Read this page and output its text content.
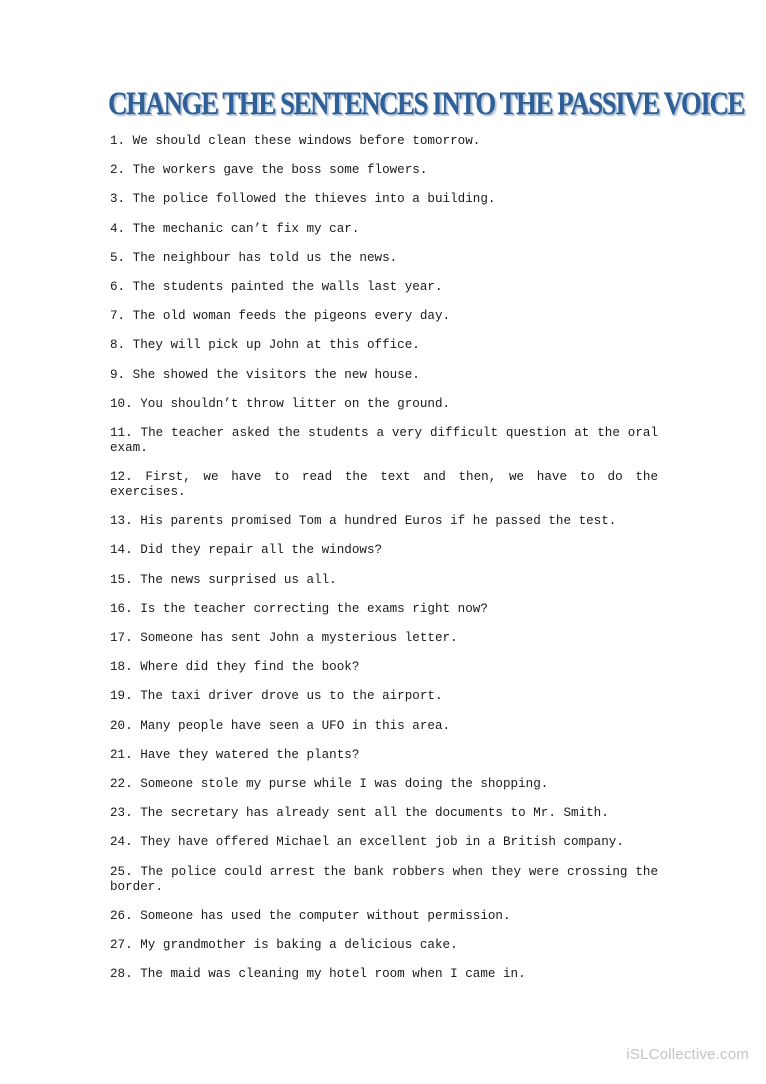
CHANGE THE SENTENCES INTO THE PASSIVE VOICE
1. We should clean these windows before tomorrow.
2. The workers gave the boss some flowers.
3. The police followed the thieves into a building.
4. The mechanic can’t fix my car.
5. The neighbour has told us the news.
6. The students painted the walls last year.
7. The old woman feeds the pigeons every day.
8. They will pick up John at this office.
9. She showed the visitors the new house.
10. You shouldn’t throw litter on the ground.
11. The teacher asked the students a very difficult question at the oral exam.
12. First, we have to read the text and then, we have to do the exercises.
13. His parents promised Tom a hundred Euros if he passed the test.
14. Did they repair all the windows?
15. The news surprised us all.
16. Is the teacher correcting the exams right now?
17. Someone has sent John a mysterious letter.
18. Where did they find the book?
19. The taxi driver drove us to the airport.
20. Many people have seen a UFO in this area.
21. Have they watered the plants?
22. Someone stole my purse while I was doing the shopping.
23. The secretary has already sent all the documents to Mr. Smith.
24. They have offered Michael an excellent job in a British company.
25. The police could arrest the bank robbers when they were crossing the border.
26. Someone has used the computer without permission.
27. My grandmother is baking a delicious cake.
28. The maid was cleaning my hotel room when I came in.
iSLCollective.com
